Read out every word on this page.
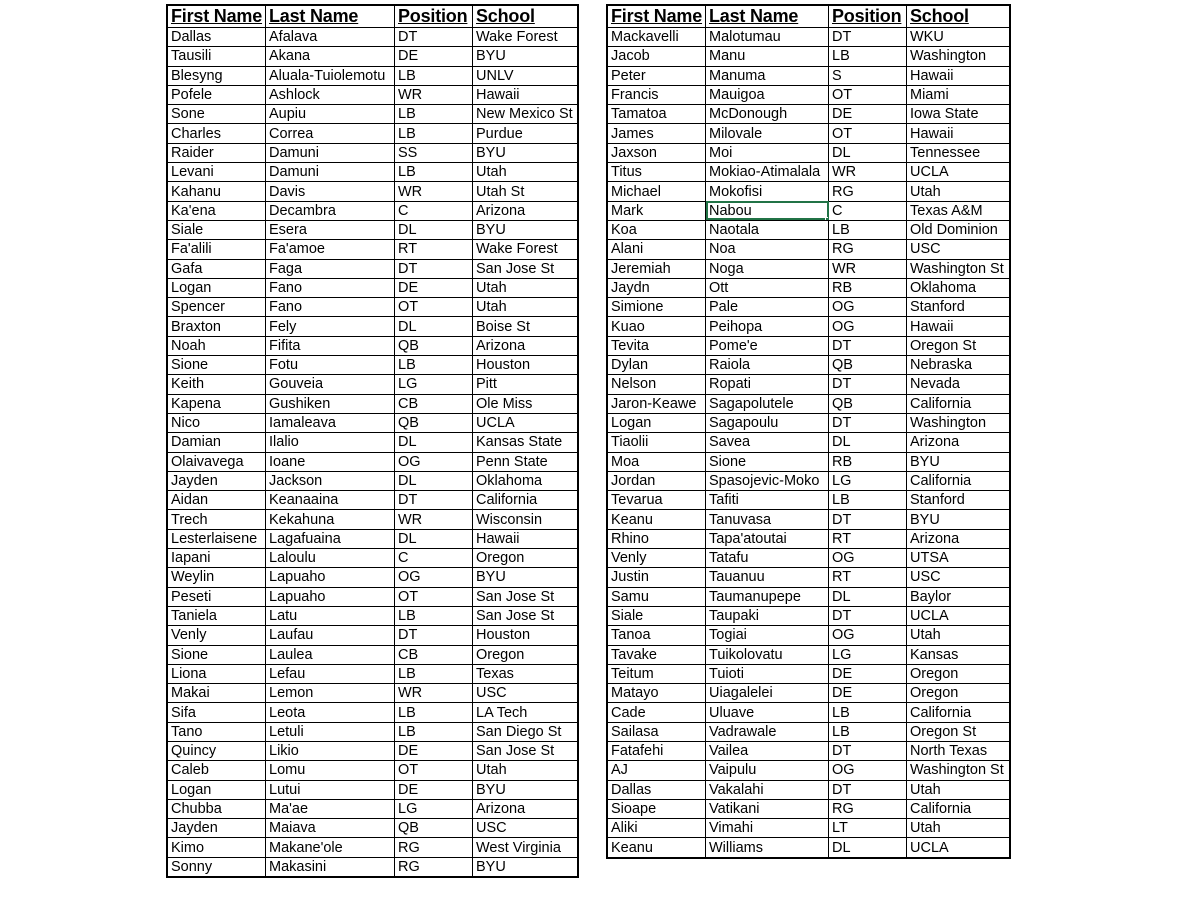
First Name	Last Name	Position	School
Dallas	Afalava	DT	Wake Forest
Tausili	Akana	DE	BYU
Blesyng	Aluala-Tuiolemotu	LB	UNLV
Pofele	Ashlock	WR	Hawaii
Sone	Aupiu	LB	New Mexico St
Charles	Correa	LB	Purdue
Raider	Damuni	SS	BYU
Levani	Damuni	LB	Utah
Kahanu	Davis	WR	Utah St
Ka'ena	Decambra	C	Arizona
Siale	Esera	DL	BYU
Fa'alili	Fa'amoe	RT	Wake Forest
Gafa	Faga	DT	San Jose St
Logan	Fano	DE	Utah
Spencer	Fano	OT	Utah
Braxton	Fely	DL	Boise St
Noah	Fifita	QB	Arizona
Sione	Fotu	LB	Houston
Keith	Gouveia	LG	Pitt
Kapena	Gushiken	CB	Ole Miss
Nico	Iamaleava	QB	UCLA
Damian	Ilalio	DL	Kansas State
Olaivavega	Ioane	OG	Penn State
Jayden	Jackson	DL	Oklahoma
Aidan	Keanaaina	DT	California
Trech	Kekahuna	WR	Wisconsin
Lesterlaisene	Lagafuaina	DL	Hawaii
Iapani	Laloulu	C	Oregon
Weylin	Lapuaho	OG	BYU
Peseti	Lapuaho	OT	San Jose St
Taniela	Latu	LB	San Jose St
Venly	Laufau	DT	Houston
Sione	Laulea	CB	Oregon
Liona	Lefau	LB	Texas
Makai	Lemon	WR	USC
Sifa	Leota	LB	LA Tech
Tano	Letuli	LB	San Diego St
Quincy	Likio	DE	San Jose St
Caleb	Lomu	OT	Utah
Logan	Lutui	DE	BYU
Chubba	Ma'ae	LG	Arizona
Jayden	Maiava	QB	USC
Kimo	Makane'ole	RG	West Virginia
Sonny	Makasini	RG	BYU
First Name	Last Name	Position	School
Mackavelli	Malotumau	DT	WKU
Jacob	Manu	LB	Washington
Peter	Manuma	S	Hawaii
Francis	Mauigoa	OT	Miami
Tamatoa	McDonough	DE	Iowa State
James	Milovale	OT	Hawaii
Jaxson	Moi	DL	Tennessee
Titus	Mokiao-Atimalala	WR	UCLA
Michael	Mokofisi	RG	Utah
Mark	Nabou	C	Texas A&M
Koa	Naotala	LB	Old Dominion
Alani	Noa	RG	USC
Jeremiah	Noga	WR	Washington St
Jaydn	Ott	RB	Oklahoma
Simione	Pale	OG	Stanford
Kuao	Peihopa	OG	Hawaii
Tevita	Pome'e	DT	Oregon St
Dylan	Raiola	QB	Nebraska
Nelson	Ropati	DT	Nevada
Jaron-Keawe	Sagapolutele	QB	California
Logan	Sagapoulu	DT	Washington
Tiaolii	Savea	DL	Arizona
Moa	Sione	RB	BYU
Jordan	Spasojevic-Moko	LG	California
Tevarua	Tafiti	LB	Stanford
Keanu	Tanuvasa	DT	BYU
Rhino	Tapa'atoutai	RT	Arizona
Venly	Tatafu	OG	UTSA
Justin	Tauanuu	RT	USC
Samu	Taumanupepe	DL	Baylor
Siale	Taupaki	DT	UCLA
Tanoa	Togiai	OG	Utah
Tavake	Tuikolovatu	LG	Kansas
Teitum	Tuioti	DE	Oregon
Matayo	Uiagalelei	DE	Oregon
Cade	Uluave	LB	California
Sailasa	Vadrawale	LB	Oregon St
Fatafehi	Vailea	DT	North Texas
AJ	Vaipulu	OG	Washington St
Dallas	Vakalahi	DT	Utah
Sioape	Vatikani	RG	California
Aliki	Vimahi	LT	Utah
Keanu	Williams	DL	UCLA
